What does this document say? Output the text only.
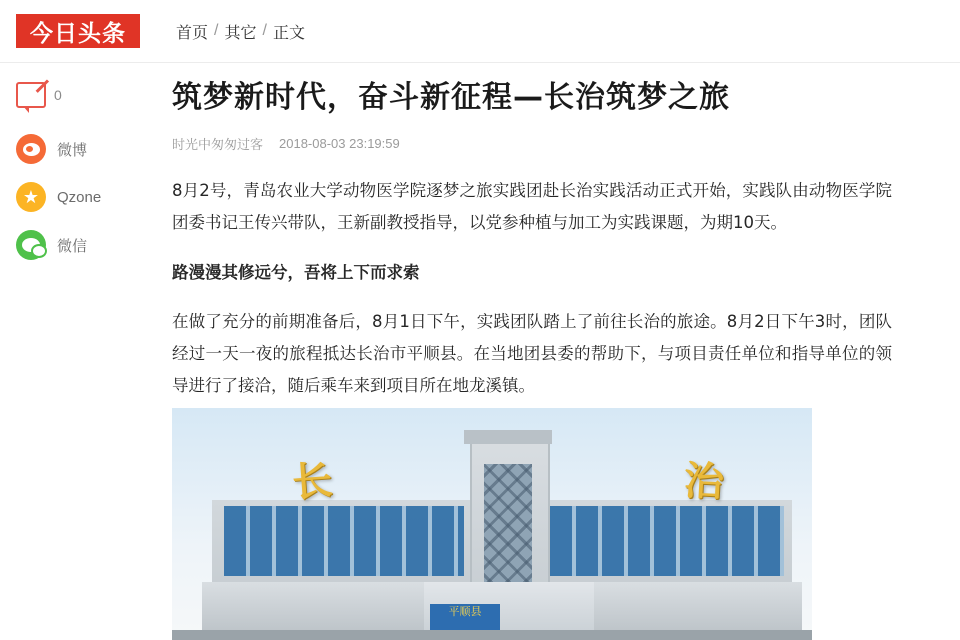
今日头条	首页 / 其它 / 正文
0
微博
★ Qzone
微信
筑梦新时代，奋斗新征程—长治筑梦之旅
时光中匆匆过客 2018-08-03 23:19:59

8月2号，青岛农业大学动物医学院逐梦之旅实践团赴长治实践活动正式开始，实践队由动物医学院团委书记王传兴带队，王新副教授指导，以党参种植与加工为实践课题，为期10天。

路漫漫其修远兮，吾将上下而求索

在做了充分的前期准备后，8月1日下午，实践团队踏上了前往长治的旅途。8月2日下午3时，团队经过一天一夜的旅程抵达长治市平顺县。在当地团县委的帮助下，与项目责任单位和指导单位的领导进行了接洽，随后乘车来到项目所在地龙溪镇。

长	治
平顺县
